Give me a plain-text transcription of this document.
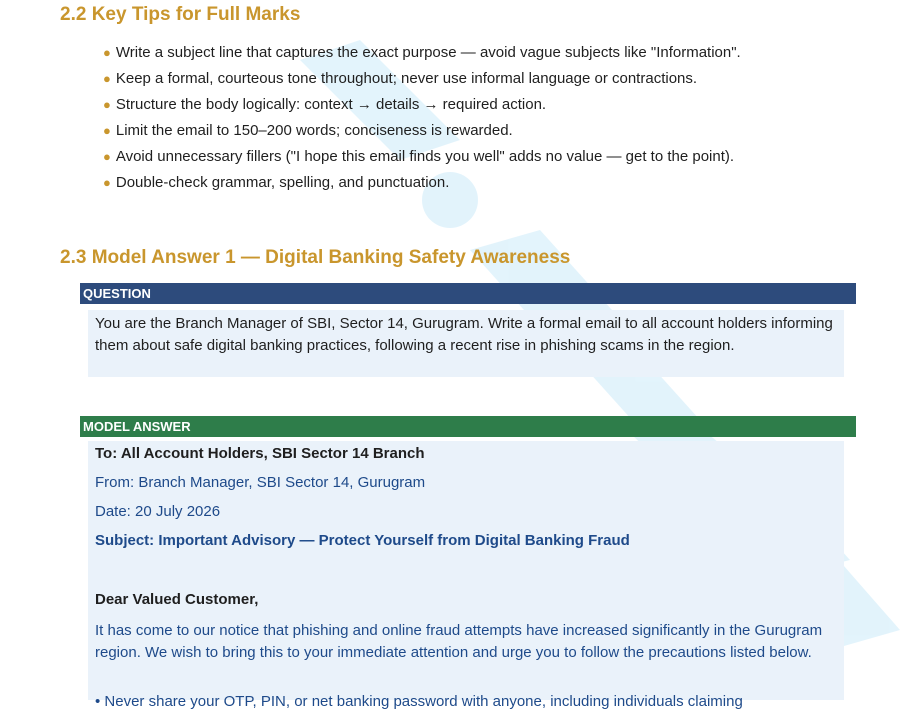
2.2 Key Tips for Full Marks
● Write a subject line that captures the exact purpose — avoid vague subjects like "Information".
● Keep a formal, courteous tone throughout; never use informal language or contractions.
● Structure the body logically: context → details → required action.
● Limit the email to 150–200 words; conciseness is rewarded.
● Avoid unnecessary fillers ("I hope this email finds you well" adds no value — get to the point).
● Double-check grammar, spelling, and punctuation.
2.3 Model Answer 1 — Digital Banking Safety Awareness
QUESTION

You are the Branch Manager of SBI, Sector 14, Gurugram. Write a formal email to all account holders informing them about safe digital banking practices, following a recent rise in phishing scams in the region.

MODEL ANSWER

To: All Account Holders, SBI Sector 14 Branch

From: Branch Manager, SBI Sector 14, Gurugram

Date: 20 July 2026

Subject: Important Advisory — Protect Yourself from Digital Banking Fraud

Dear Valued Customer,

It has come to our notice that phishing and online fraud attempts have increased significantly in the Gurugram region. We wish to bring this to your immediate attention and urge you to follow the precautions listed below.

• Never share your OTP, PIN, or net banking password with anyone, including individuals claiming
